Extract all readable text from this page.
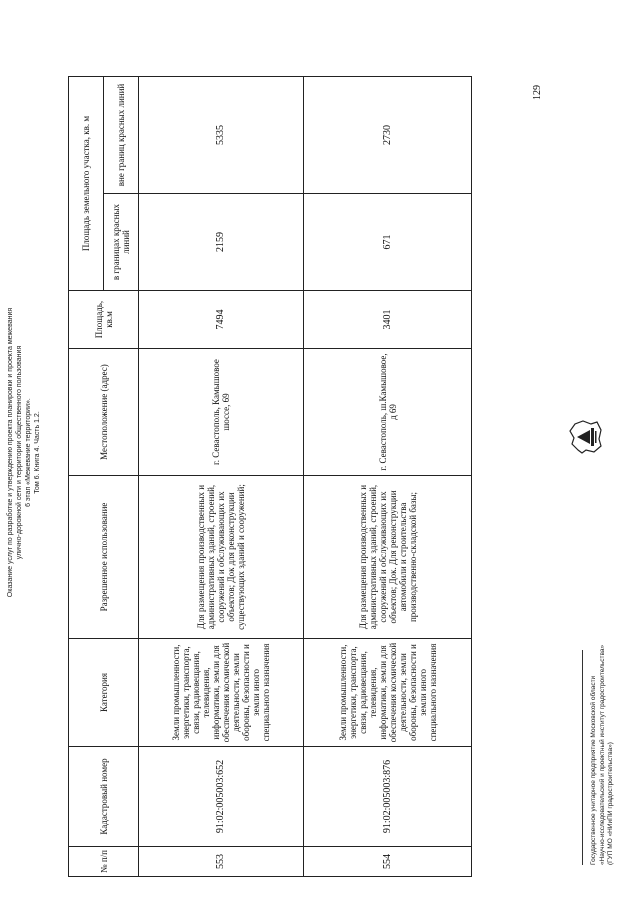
Оказание услуг по разработке и утверждению проекта планировки и проекта межевания улично-дорожной сети и территории общественного пользования 6 этап «Межевание территории». Том 6. Книга 4. Часть 1.2.
129
№ п/п	Кадастровый номер	Категория	Разрешенное использование	Местоположение (адрес)	Площадь, кв.м	Площадь земельного участка, кв. м	
						в границах красных линий	вне границ красных линий
553	91:02:005003:652	Земли промышленности, энергетики, транспорта, связи, радиовещания, телевидения, информатики, земли для обеспечения космической деятельности, земли обороны, безопасности и земли иного специального назначения	Для размещения производственных и административных зданий, строений, сооружений и обслуживающих их объектов; Док для реконструкции существующих зданий и сооружений;	г. Севастополь, Камышовое шоссе, 69	7494	2159	5335
554	91:02:005003:876	Земли промышленности, энергетики, транспорта, связи, радиовещания, телевидения, информатики, земли для обеспечения космической деятельности, земли обороны, безопасности и земли иного специального назначения	Для размещения производственных и административных зданий, строений, сооружений и обслуживающих их объектов; Док. Для реконструкции автомобили и строительства производственно-складской базы;	г. Севастополь, ш.Камышовое, д 69	3401	671	2730
Государственное унитарное предприятие Московской области «Научно-исследовательский и проектный институт градостроительства» (ГУП МО «НИиПИ градостроительства»)
